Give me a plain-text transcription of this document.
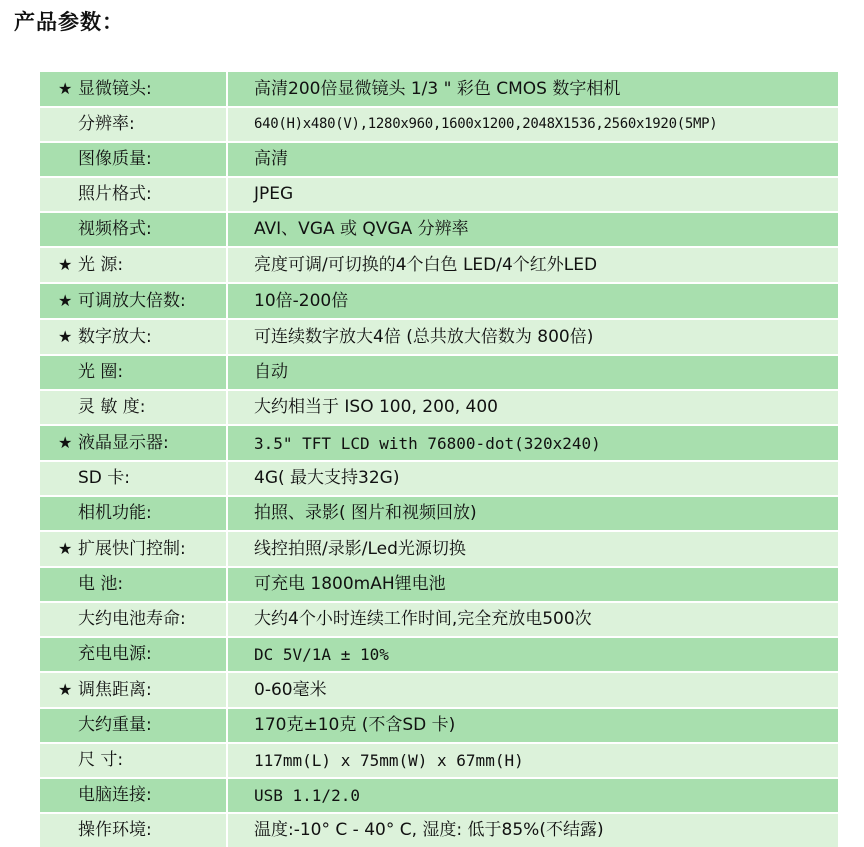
产品参数：
★ 显微镜头:	高清200倍显微镜头 1/3 " 彩色 CMOS 数字相机
分辨率:	640(H)x480(V),1280x960,1600x1200,2048X1536,2560x1920(5MP)
图像质量:	高清
照片格式:	JPEG
视频格式:	AVI、VGA 或 QVGA 分辨率
★ 光 源:	亮度可调/可切换的4个白色 LED/4个红外LED
★ 可调放大倍数:	10倍-200倍
★ 数字放大:	可连续数字放大4倍 (总共放大倍数为 800倍)
光 圈:	自动
灵 敏 度:	大约相当于 ISO 100, 200, 400
★ 液晶显示器:	3.5" TFT LCD with 76800-dot(320x240)
SD 卡:	4G( 最大支持32G)
相机功能:	拍照、录影( 图片和视频回放)
★ 扩展快门控制:	线控拍照/录影/Led光源切换
电 池:	可充电 1800mAH锂电池
大约电池寿命:	大约4个小时连续工作时间,完全充放电500次
充电电源:	DC 5V/1A ± 10%
★ 调焦距离:	0-60毫米
大约重量:	170克±10克 (不含SD 卡)
尺 寸:	117mm(L) x 75mm(W) x 67mm(H)
电脑连接:	USB 1.1/2.0
操作环境:	温度:-10° C - 40° C, 湿度: 低于85%(不结露)
